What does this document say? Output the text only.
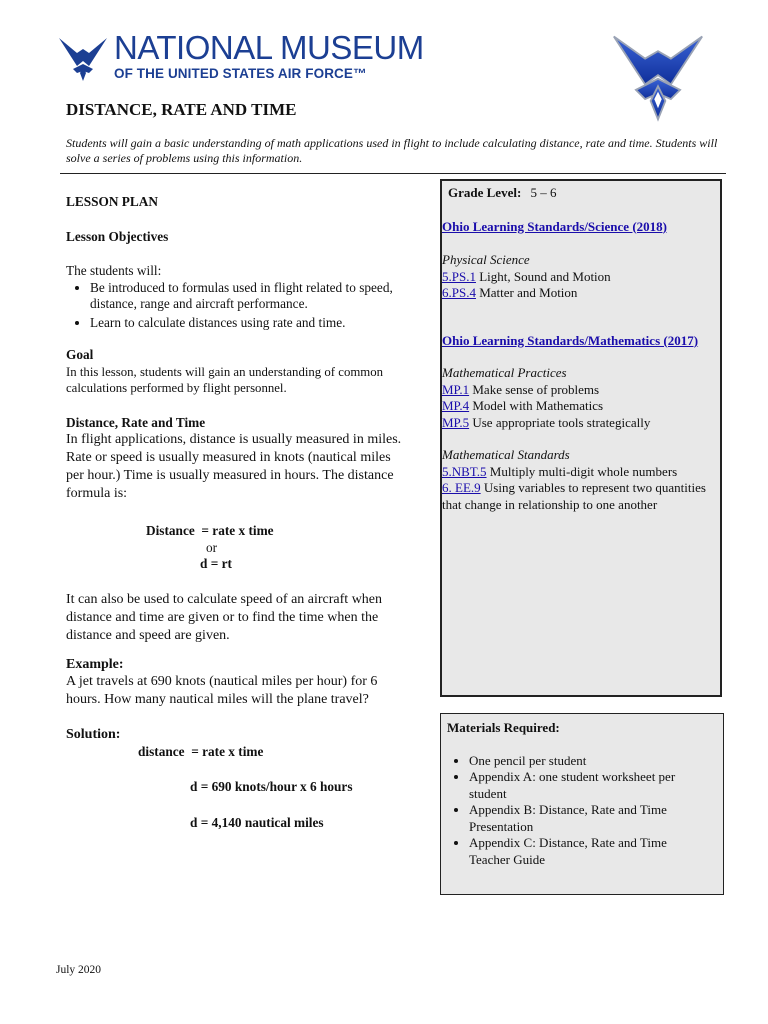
NATIONAL MUSEUM
OF THE UNITED STATES AIR FORCE™
DISTANCE, RATE AND TIME
Students will gain a basic understanding of math applications used in flight to include calculating distance, rate and time. Students will solve a series of problems using this information.

LESSON PLAN

Lesson Objectives

The students will:

• Be introduced to formulas used in flight related to speed, distance, range and aircraft performance.
• Learn to calculate distances using rate and time.

Goal

In this lesson, students will gain an understanding of common calculations performed by flight personnel.

Distance, Rate and Time

In flight applications, distance is usually measured in miles. Rate or speed is usually measured in knots (nautical miles per hour.) Time is usually measured in hours. The distance formula is:

Distance  = rate x time

or

d = rt

It can also be used to calculate speed of an aircraft when distance and time are given or to find the time when the distance and speed are given.

Example:

A jet travels at 690 knots (nautical miles per hour) for 6 hours. How many nautical miles will the plane travel?

Solution:

distance  = rate x time

d = 690 knots/hour x 6 hours

d = 4,140 nautical miles

Grade Level: 5 – 6
Ohio Learning Standards/Science (2018)
Physical Science
5.PS.1 Light, Sound and Motion
6.PS.4 Matter and Motion
Ohio Learning Standards/Mathematics (2017)
Mathematical Practices
MP.1 Make sense of problems
MP.4 Model with Mathematics
MP.5 Use appropriate tools strategically
Mathematical Standards
5.NBT.5 Multiply multi-digit whole numbers
6. EE.9 Using variables to represent two quantities that change in relationship to one another
Materials Required:
• One pencil per student
• Appendix A: one student worksheet per student
• Appendix B: Distance, Rate and Time Presentation
• Appendix C: Distance, Rate and Time Teacher Guide
July 2020
